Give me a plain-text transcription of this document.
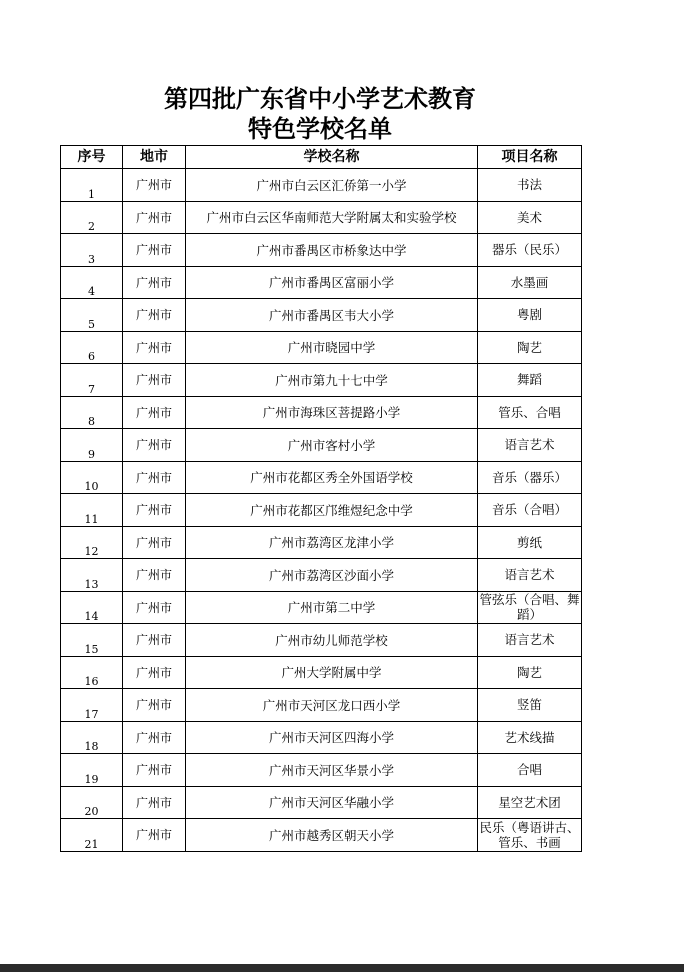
第四批广东省中小学艺术教育
特色学校名单
序号	地市	学校名称	项目名称
1	广州市	广州市白云区汇侨第一小学	书法
2	广州市	广州市白云区华南师范大学附属太和实验学校	美术
3	广州市	广州市番禺区市桥象达中学	器乐（民乐）
4	广州市	广州市番禺区富丽小学	水墨画
5	广州市	广州市番禺区韦大小学	粤剧
6	广州市	广州市晓园中学	陶艺
7	广州市	广州市第九十七中学	舞蹈
8	广州市	广州市海珠区菩提路小学	管乐、合唱
9	广州市	广州市客村小学	语言艺术
10	广州市	广州市花都区秀全外国语学校	音乐（器乐）
11	广州市	广州市花都区邝维煜纪念中学	音乐（合唱）
12	广州市	广州市荔湾区龙津小学	剪纸
13	广州市	广州市荔湾区沙面小学	语言艺术
14	广州市	广州市第二中学	管弦乐（合唱、舞蹈）
15	广州市	广州市幼儿师范学校	语言艺术
16	广州市	广州大学附属中学	陶艺
17	广州市	广州市天河区龙口西小学	竖笛
18	广州市	广州市天河区四海小学	艺术线描
19	广州市	广州市天河区华景小学	合唱
20	广州市	广州市天河区华融小学	星空艺术团
21	广州市	广州市越秀区朝天小学	民乐（粤语讲古、管乐、书画
